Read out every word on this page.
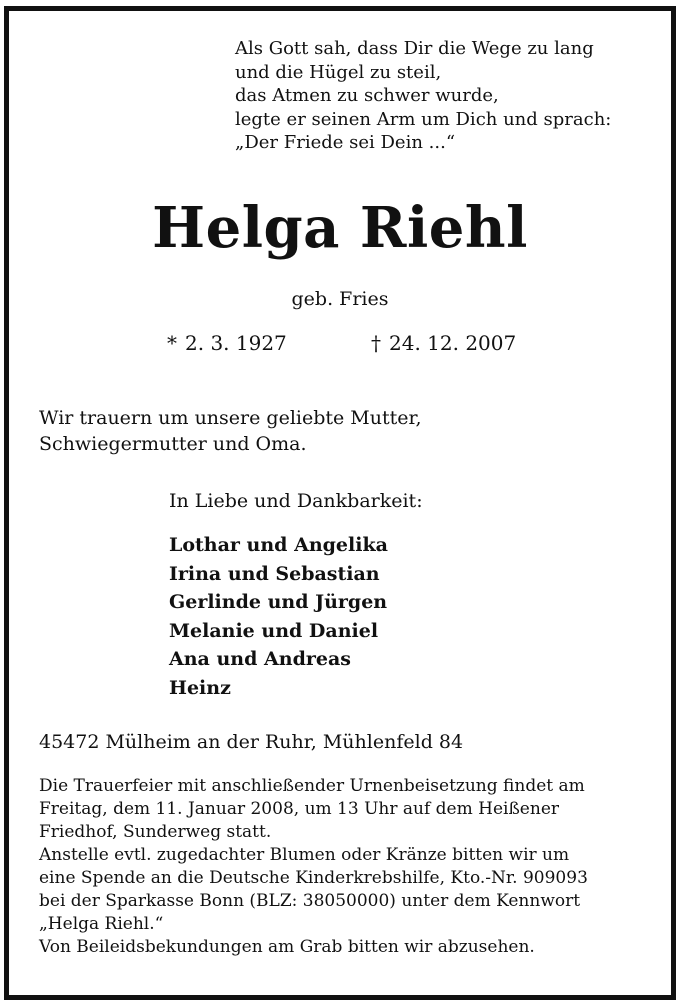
Als Gott sah, dass Dir die Wege zu lang
und die Hügel zu steil,
das Atmen zu schwer wurde,
legte er seinen Arm um Dich und sprach:
„Der Friede sei Dein ...“
Helga Riehl
geb. Fries
* 2. 3. 1927	† 24. 12. 2007
Wir trauern um unsere geliebte Mutter,
Schwiegermutter und Oma.
In Liebe und Dankbarkeit:
Lothar und Angelika
Irina und Sebastian
Gerlinde und Jürgen
Melanie und Daniel
Ana und Andreas
Heinz
45472 Mülheim an der Ruhr, Mühlenfeld 84
Die Trauerfeier mit anschließender Urnenbeisetzung findet am
Freitag, dem 11. Januar 2008, um 13 Uhr auf dem Heißener
Friedhof, Sunderweg statt.
Anstelle evtl. zugedachter Blumen oder Kränze bitten wir um
eine Spende an die Deutsche Kinderkrebshilfe, Kto.-Nr. 909093
bei der Sparkasse Bonn (BLZ: 38050000) unter dem Kennwort
„Helga Riehl.“
Von Beileidsbekundungen am Grab bitten wir abzusehen.
